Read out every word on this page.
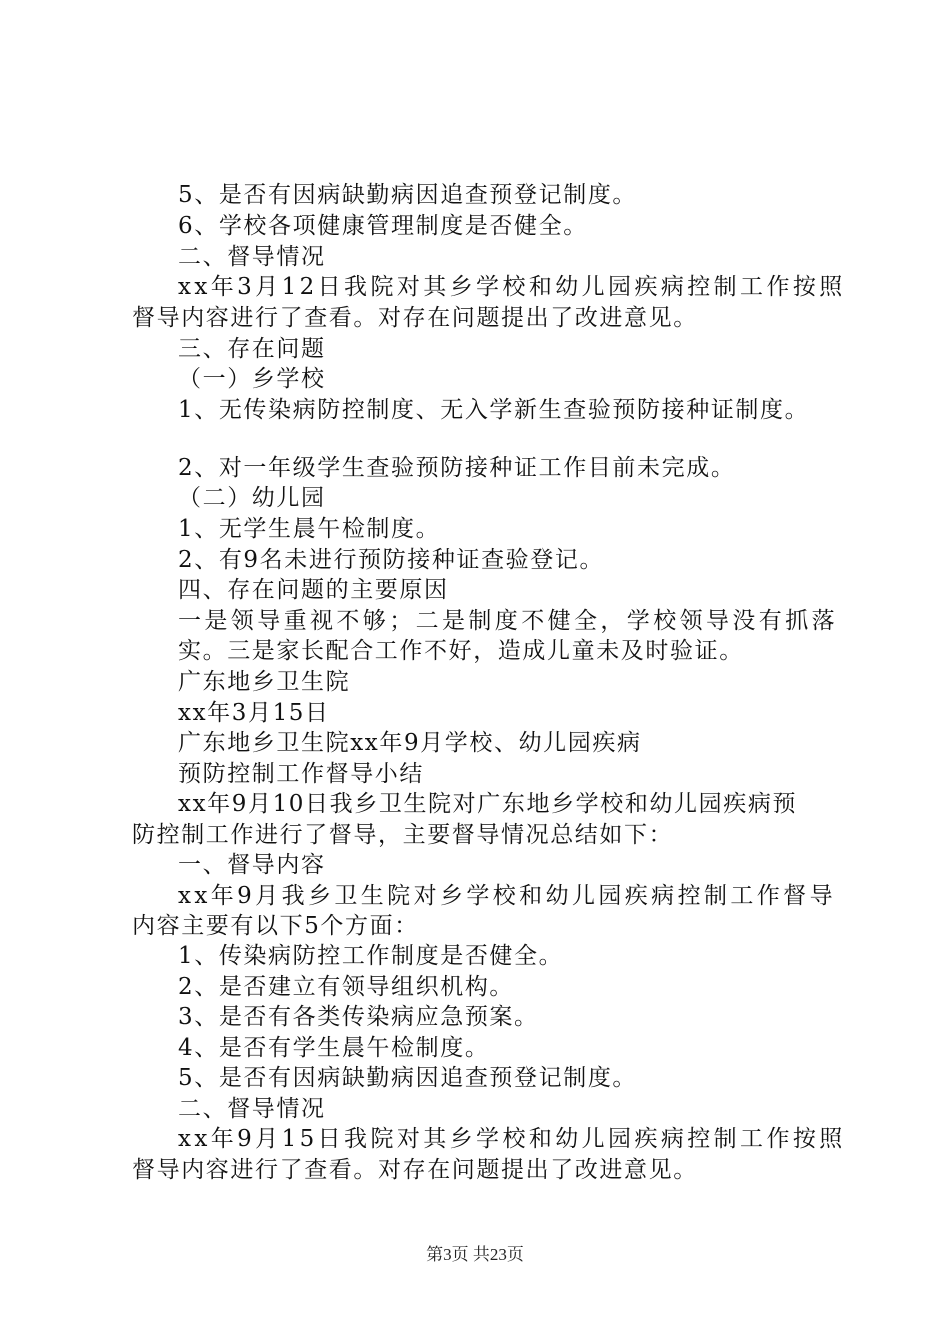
5、是否有因病缺勤病因追查预登记制度。
6、学校各项健康管理制度是否健全。
二、督导情况
xx年3月12日我院对其乡学校和幼儿园疾病控制工作按照
督导内容进行了查看。对存在问题提出了改进意见。
三、存在问题
（一）乡学校
1、无传染病防控制度、无入学新生查验预防接种证制度。
2、对一年级学生查验预防接种证工作目前未完成。
（二）幼儿园
1、无学生晨午检制度。
2、有9名未进行预防接种证查验登记。
四、存在问题的主要原因
一是领导重视不够；二是制度不健全，学校领导没有抓落
实。三是家长配合工作不好，造成儿童未及时验证。
广东地乡卫生院
xx年3月15日
广东地乡卫生院xx年9月学校、幼儿园疾病
预防控制工作督导小结
xx年9月10日我乡卫生院对广东地乡学校和幼儿园疾病预
防控制工作进行了督导，主要督导情况总结如下：
一、督导内容
xx年9月我乡卫生院对乡学校和幼儿园疾病控制工作督导
内容主要有以下5个方面：
1、传染病防控工作制度是否健全。
2、是否建立有领导组织机构。
3、是否有各类传染病应急预案。
4、是否有学生晨午检制度。
5、是否有因病缺勤病因追查预登记制度。
二、督导情况
xx年9月15日我院对其乡学校和幼儿园疾病控制工作按照
督导内容进行了查看。对存在问题提出了改进意见。
第3页 共23页
